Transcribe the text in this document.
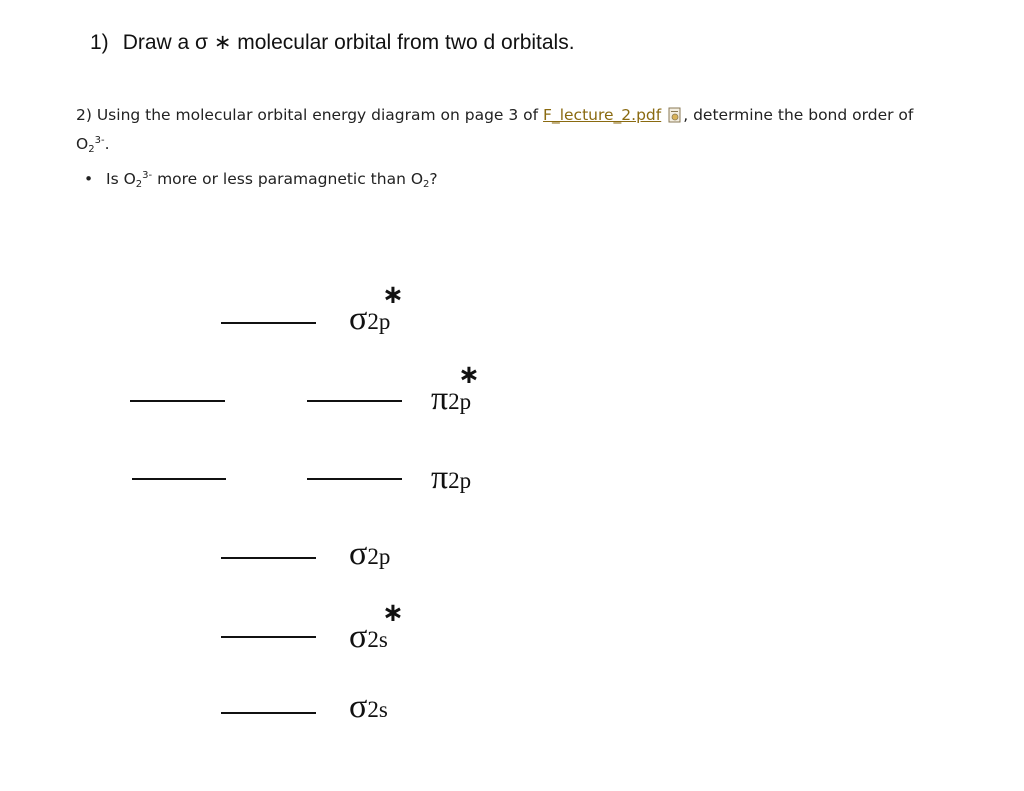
1) Draw a σ ∗ molecular orbital from two d orbitals.
2) Using the molecular orbital energy diagram on page 3 of F_lecture_2.pdf , determine the bond order of
$O_2^{3-}$.
• Is $O_2^{3-}$ more or less paramagnetic than $O_2$?
σ2p
∗
π2p
∗
π2p
σ2p
σ2s
∗
σ2s
